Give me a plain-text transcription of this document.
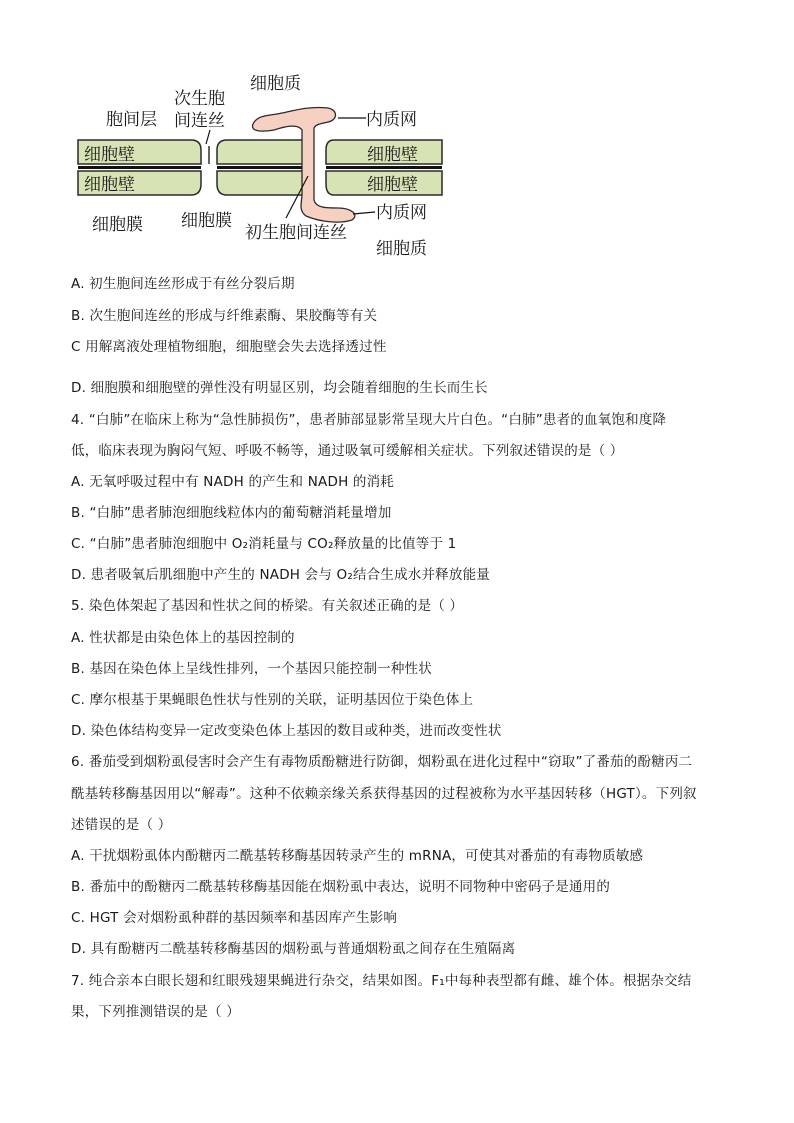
细胞质
次生胞
间连丝
胞间层	内质网
细胞壁
细胞壁
细胞壁
细胞壁
细胞膜 细胞膜
初生胞间连丝
内质网
细胞质
A. 初生胞间连丝形成于有丝分裂后期
B. 次生胞间连丝的形成与纤维素酶、果胶酶等有关
C 用解离液处理植物细胞，细胞壁会失去选择透过性
D. 细胞膜和细胞壁的弹性没有明显区别，均会随着细胞的生长而生长
4. “白肺”在临床上称为“急性肺损伤”，患者肺部显影常呈现大片白色。“白肺”患者的血氧饱和度降
低，临床表现为胸闷气短、呼吸不畅等，通过吸氧可缓解相关症状。下列叙述错误的是（ ）
A. 无氧呼吸过程中有 NADH 的产生和 NADH 的消耗
B. “白肺”患者肺泡细胞线粒体内的葡萄糖消耗量增加
C. “白肺”患者肺泡细胞中 O₂消耗量与 CO₂释放量的比值等于 1
D. 患者吸氧后肌细胞中产生的 NADH 会与 O₂结合生成水并释放能量
5. 染色体架起了基因和性状之间的桥梁。有关叙述正确的是（ ）
A. 性状都是由染色体上的基因控制的
B. 基因在染色体上呈线性排列，一个基因只能控制一种性状
C. 摩尔根基于果蝇眼色性状与性别的关联，证明基因位于染色体上
D. 染色体结构变异一定改变染色体上基因的数目或种类，进而改变性状
6. 番茄受到烟粉虱侵害时会产生有毒物质酚糖进行防御，烟粉虱在进化过程中“窃取”了番茄的酚糖丙二
酰基转移酶基因用以“解毒”。这种不依赖亲缘关系获得基因的过程被称为水平基因转移（HGT）。下列叙
述错误的是（ ）
A. 干扰烟粉虱体内酚糖丙二酰基转移酶基因转录产生的 mRNA，可使其对番茄的有毒物质敏感
B. 番茄中的酚糖丙二酰基转移酶基因能在烟粉虱中表达，说明不同物种中密码子是通用的
C. HGT 会对烟粉虱种群的基因频率和基因库产生影响
D. 具有酚糖丙二酰基转移酶基因的烟粉虱与普通烟粉虱之间存在生殖隔离
7. 纯合亲本白眼长翅和红眼残翅果蝇进行杂交，结果如图。F₁中每种表型都有雌、雄个体。根据杂交结
果，下列推测错误的是（ ）
